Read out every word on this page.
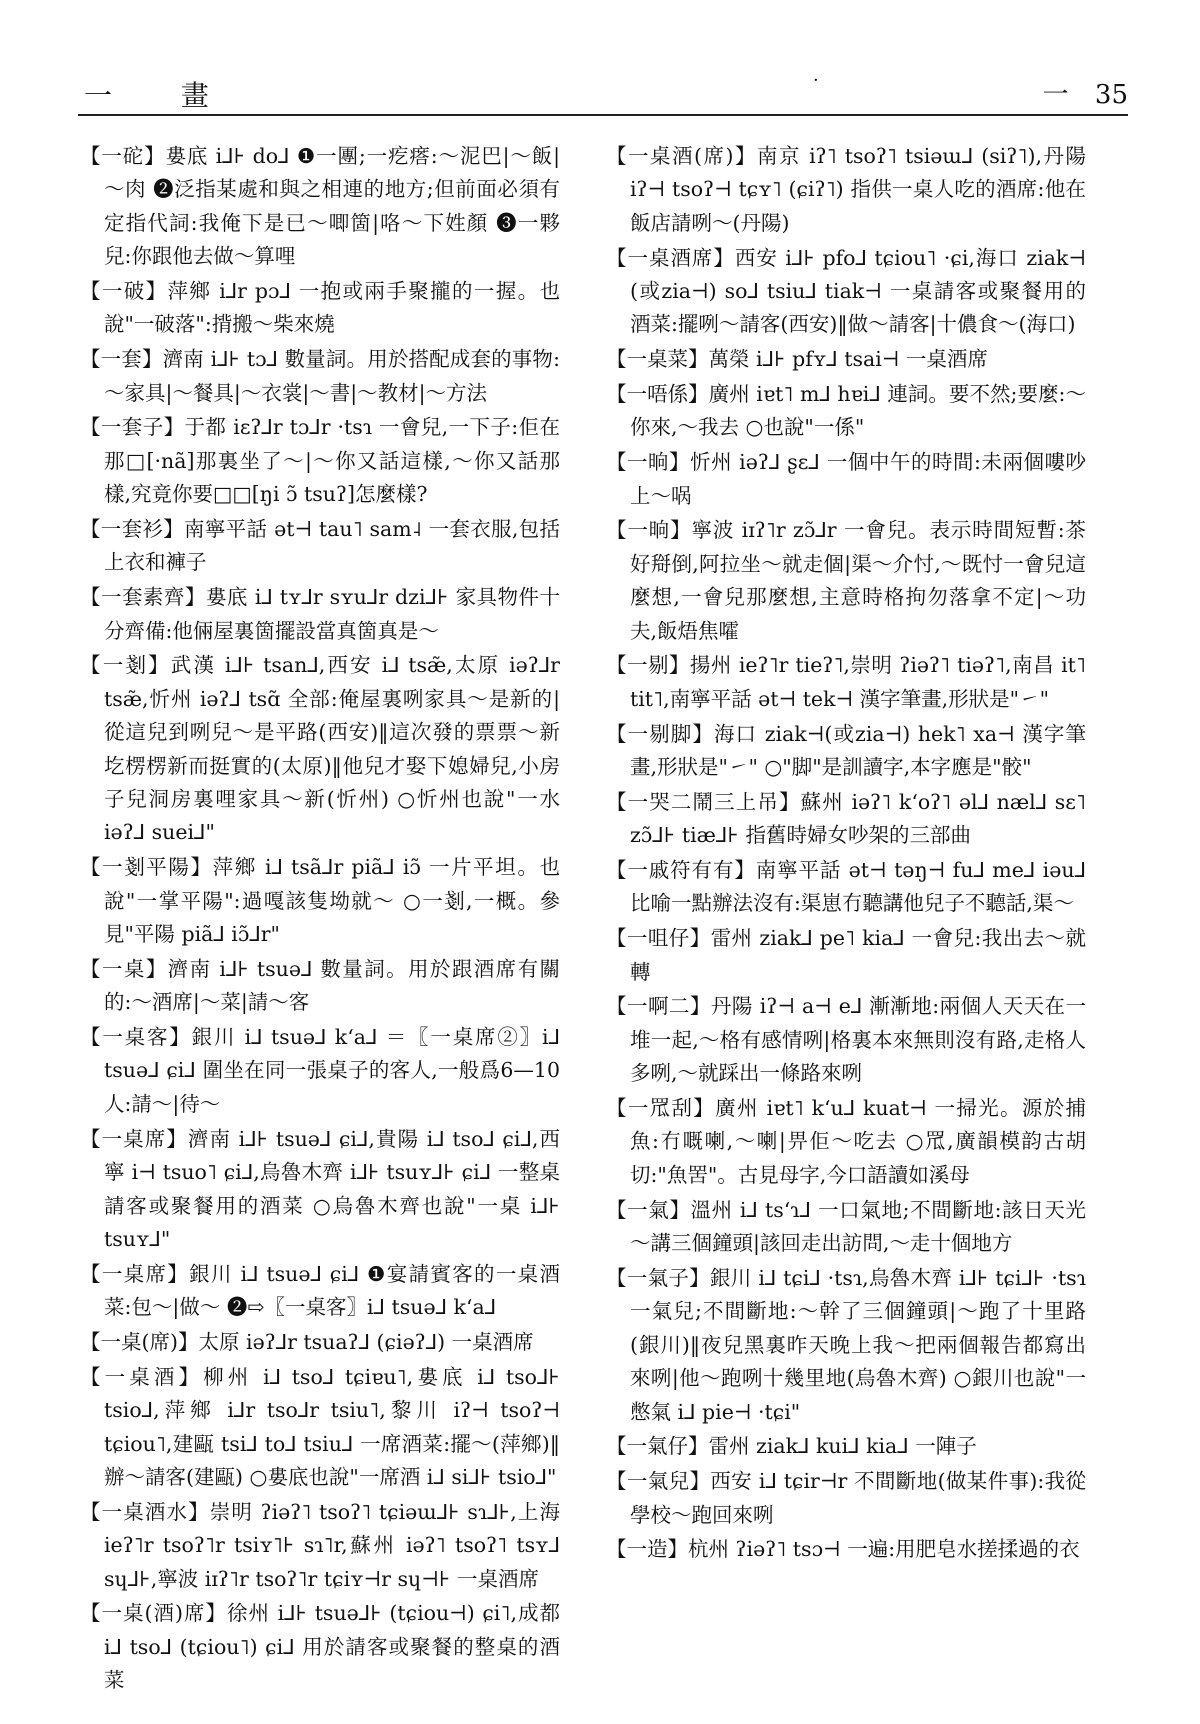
一 畫	·	一 35

【一砣】婁底 i⅃⊦ do⅃ ❶一團;一疙瘩:～泥巴|～飯|～肉 ❷泛指某處和與之相連的地方;但前面必須有定指代詞:我俺下是已～唧箇|咯～下姓顏 ❸一夥兒:你跟他去做～算哩

【一破】萍鄉 i⅃r pɔ⅃ 一抱或兩手聚攏的一握。也說"一破落":揹搬～柴來燒

【一套】濟南 i⅃⊦ tɔ⅃ 數量詞。用於搭配成套的事物:～家具|～餐具|～衣裳|～書|～教材|～方法

【一套子】于都 iɛʔ⅃r tɔ⅃r ·tsɿ 一會兒,一下子:佢在那□[·nã]那裏坐了～|～你又話這樣,～你又話那樣,究竟你要□□[ŋi ɔ̃ tsuʔ]怎麼樣?

【一套衫】南寧平話 ət⊣ tau˥ sam˨ 一套衣服,包括上衣和褲子

【一套素齊】婁底 i⅃ tʏ⅃r sʏu⅃r dzi⅃⊦ 家具物件十分齊備:他倆屋裏箇擺設當真箇真是～

【一剗】武漢 i⅃⊦ tsan⅃,西安 i⅃ tsæ̃,太原 iəʔ⅃r tsæ̃,忻州 iəʔ⅃ tsɑ̃ 全部:俺屋裏咧家具～是新的|從這兒到咧兒～是平路(西安)‖這次發的票票～新圪楞楞新而挺實的(太原)‖他兒才娶下媳婦兒,小房子兒洞房裏哩家具～新(忻州) ○忻州也說"一水 iəʔ⅃ suei⅃"

【一剗平陽】萍鄉 i⅃ tsã⅃r piã⅃ iɔ̃ 一片平坦。也說"一掌平陽":過嘎該隻坳就～ ○一剗,一概。參見"平陽 piã⅃ iɔ̃⅃r"

【一桌】濟南 i⅃⊦ tsuə⅃ 數量詞。用於跟酒席有關的:～酒席|～菜|請～客

【一桌客】銀川 i⅃ tsuə⅃ kʻa⅃ ＝〖一桌席②〗i⅃ tsuə⅃ ɕi⅃ 圍坐在同一張桌子的客人,一般爲6—10人:請～|待～

【一桌席】濟南 i⅃⊦ tsuə⅃ ɕi⅃,貴陽 i⅃ tso⅃ ɕi⅃,西寧 i⊣ tsuo˥ ɕi⅃,烏魯木齊 i⅃⊦ tsuʏ⅃⊦ ɕi⅃ 一整桌請客或聚餐用的酒菜 ○烏魯木齊也說"一桌 i⅃⊦ tsuʏ⅃"

【一桌席】銀川 i⅃ tsuə⅃ ɕi⅃ ❶宴請賓客的一桌酒菜:包～|做～ ❷⇨〖一桌客〗i⅃ tsuə⅃ kʻa⅃

【一桌(席)】太原 iəʔ⅃r tsuaʔ⅃ (ɕiəʔ⅃) 一桌酒席

【一桌酒】柳州 i⅃ tso⅃ tɕiɐu˥,婁底 i⅃ tso⅃⊦ tsio⅃,萍鄉 i⅃r tso⅃r tsiu˥,黎川 iʔ⊣ tsoʔ⊣ tɕiou˥,建甌 tsi⅃ to⅃ tsiu⅃ 一席酒菜:擺～(萍鄉)‖辦～請客(建甌) ○婁底也說"一席酒 i⅃ si⅃⊦ tsio⅃"

【一桌酒水】崇明 ʔiəʔ˥ tsoʔ˥ tɕiəɯ⅃⊦ sɿ⅃⊦,上海 ieʔ˥r tsoʔ˥r tsiʏ˥⊦ sɿ˥r,蘇州 iəʔ˥ tsoʔ˥ tsʏ⅃ sɥ⅃⊦,寧波 iɪʔ˥r tsoʔ˥r tɕiʏ⊣r sɥ⊣⊦ 一桌酒席

【一桌(酒)席】徐州 i⅃⊦ tsuə⅃⊦ (tɕiou⊣) ɕi˥,成都 i⅃ tso⅃ (tɕiou˥) ɕi⅃ 用於請客或聚餐的整桌的酒菜

【一桌酒(席)】南京 iʔ˥ tsoʔ˥ tsiəɯ⅃ (siʔ˥),丹陽 iʔ⊣ tsoʔ⊣ tɕʏ˥ (ɕiʔ˥) 指供一桌人吃的酒席:他在飯店請咧～(丹陽)

【一桌酒席】西安 i⅃⊦ pfo⅃ tɕiou˥ ·ɕi,海口 ziak⊣ (或zia⊣) so⅃ tsiu⅃ tiak⊣ 一桌請客或聚餐用的酒菜:擺咧～請客(西安)‖做～請客|十儂食～(海口)

【一桌菜】萬榮 i⅃⊦ pfʏ⅃ tsai⊣ 一桌酒席

【一唔係】廣州 iɐt˥ m⅃ hɐi⅃ 連詞。要不然;要麼:～你來,～我去 ○也說"一係"

【一晌】忻州 iəʔ⅃ ʂɛ⅃ 一個中午的時間:未兩個嘍吵上～㖞

【一晌】寧波 iɪʔ˥r zɔ̃⅃r 一會兒。表示時間短暫:茶好搿倒,阿拉坐～就走個|渠～介忖,～既忖一會兒這麼想,一會兒那麼想,主意時格拘勿落拿不定|～功夫,飯焐焦嚯

【一剔】揚州 ieʔ˥r tieʔ˥,崇明 ʔiəʔ˥ tiəʔ˥,南昌 it˥ tit˥,南寧平話 ət⊣ tek⊣ 漢字筆畫,形狀是"㇀"

【一剔脚】海口 ziak⊣(或zia⊣) hek˥ xa⊣ 漢字筆畫,形狀是"㇀" ○"脚"是訓讀字,本字應是"骹"

【一哭二鬧三上吊】蘇州 iəʔ˥ kʻoʔ˥ əl⅃ næl⅃ sɛ˥ zɔ̃⅃⊦ tiæ⅃⊦ 指舊時婦女吵架的三部曲

【一戚符有有】南寧平話 ət⊣ təŋ⊣ fu⅃ me⅃ iəu⅃ 比喻一點辦法沒有:渠崽冇聽講他兒子不聽話,渠～

【一咀仔】雷州 ziak⅃ pe˥ kia⅃ 一會兒:我出去～就轉

【一啊二】丹陽 iʔ⊣ a⊣ e⅃ 漸漸地:兩個人天天在一堆一起,～格有感情咧|格裏本來無則沒有路,走格人多咧,～就踩出一條路來咧

【一罛刮】廣州 iɐt˥ kʻu⅃ kuat⊣ 一掃光。源於捕魚:冇嘅喇,～喇|畀佢～吃去 ○罛,廣韻模韵古胡切:"魚罟"。古見母字,今口語讀如溪母

【一氣】溫州 i⅃ tsʻɿ⅃ 一口氣地;不間斷地:該日天光～講三個鐘頭|該回走出訪問,～走十個地方

【一氣子】銀川 i⅃ tɕi⅃ ·tsɿ,烏魯木齊 i⅃⊦ tɕi⅃⊦ ·tsɿ 一氣兒;不間斷地:～幹了三個鐘頭|～跑了十里路(銀川)‖夜兒黑裏昨天晚上我～把兩個報告都寫出來咧|他～跑咧十幾里地(烏魯木齊) ○銀川也說"一憋氣 i⅃ pie⊣ ·tɕi"

【一氣仔】雷州 ziak⅃ kui⅃ kia⅃ 一陣子

【一氣兒】西安 i⅃ tɕir⊣r 不間斷地(做某件事):我從學校～跑回來咧

【一造】杭州 ʔiəʔ˥ tsɔ⊣ 一遍:用肥皂水搓揉過的衣
